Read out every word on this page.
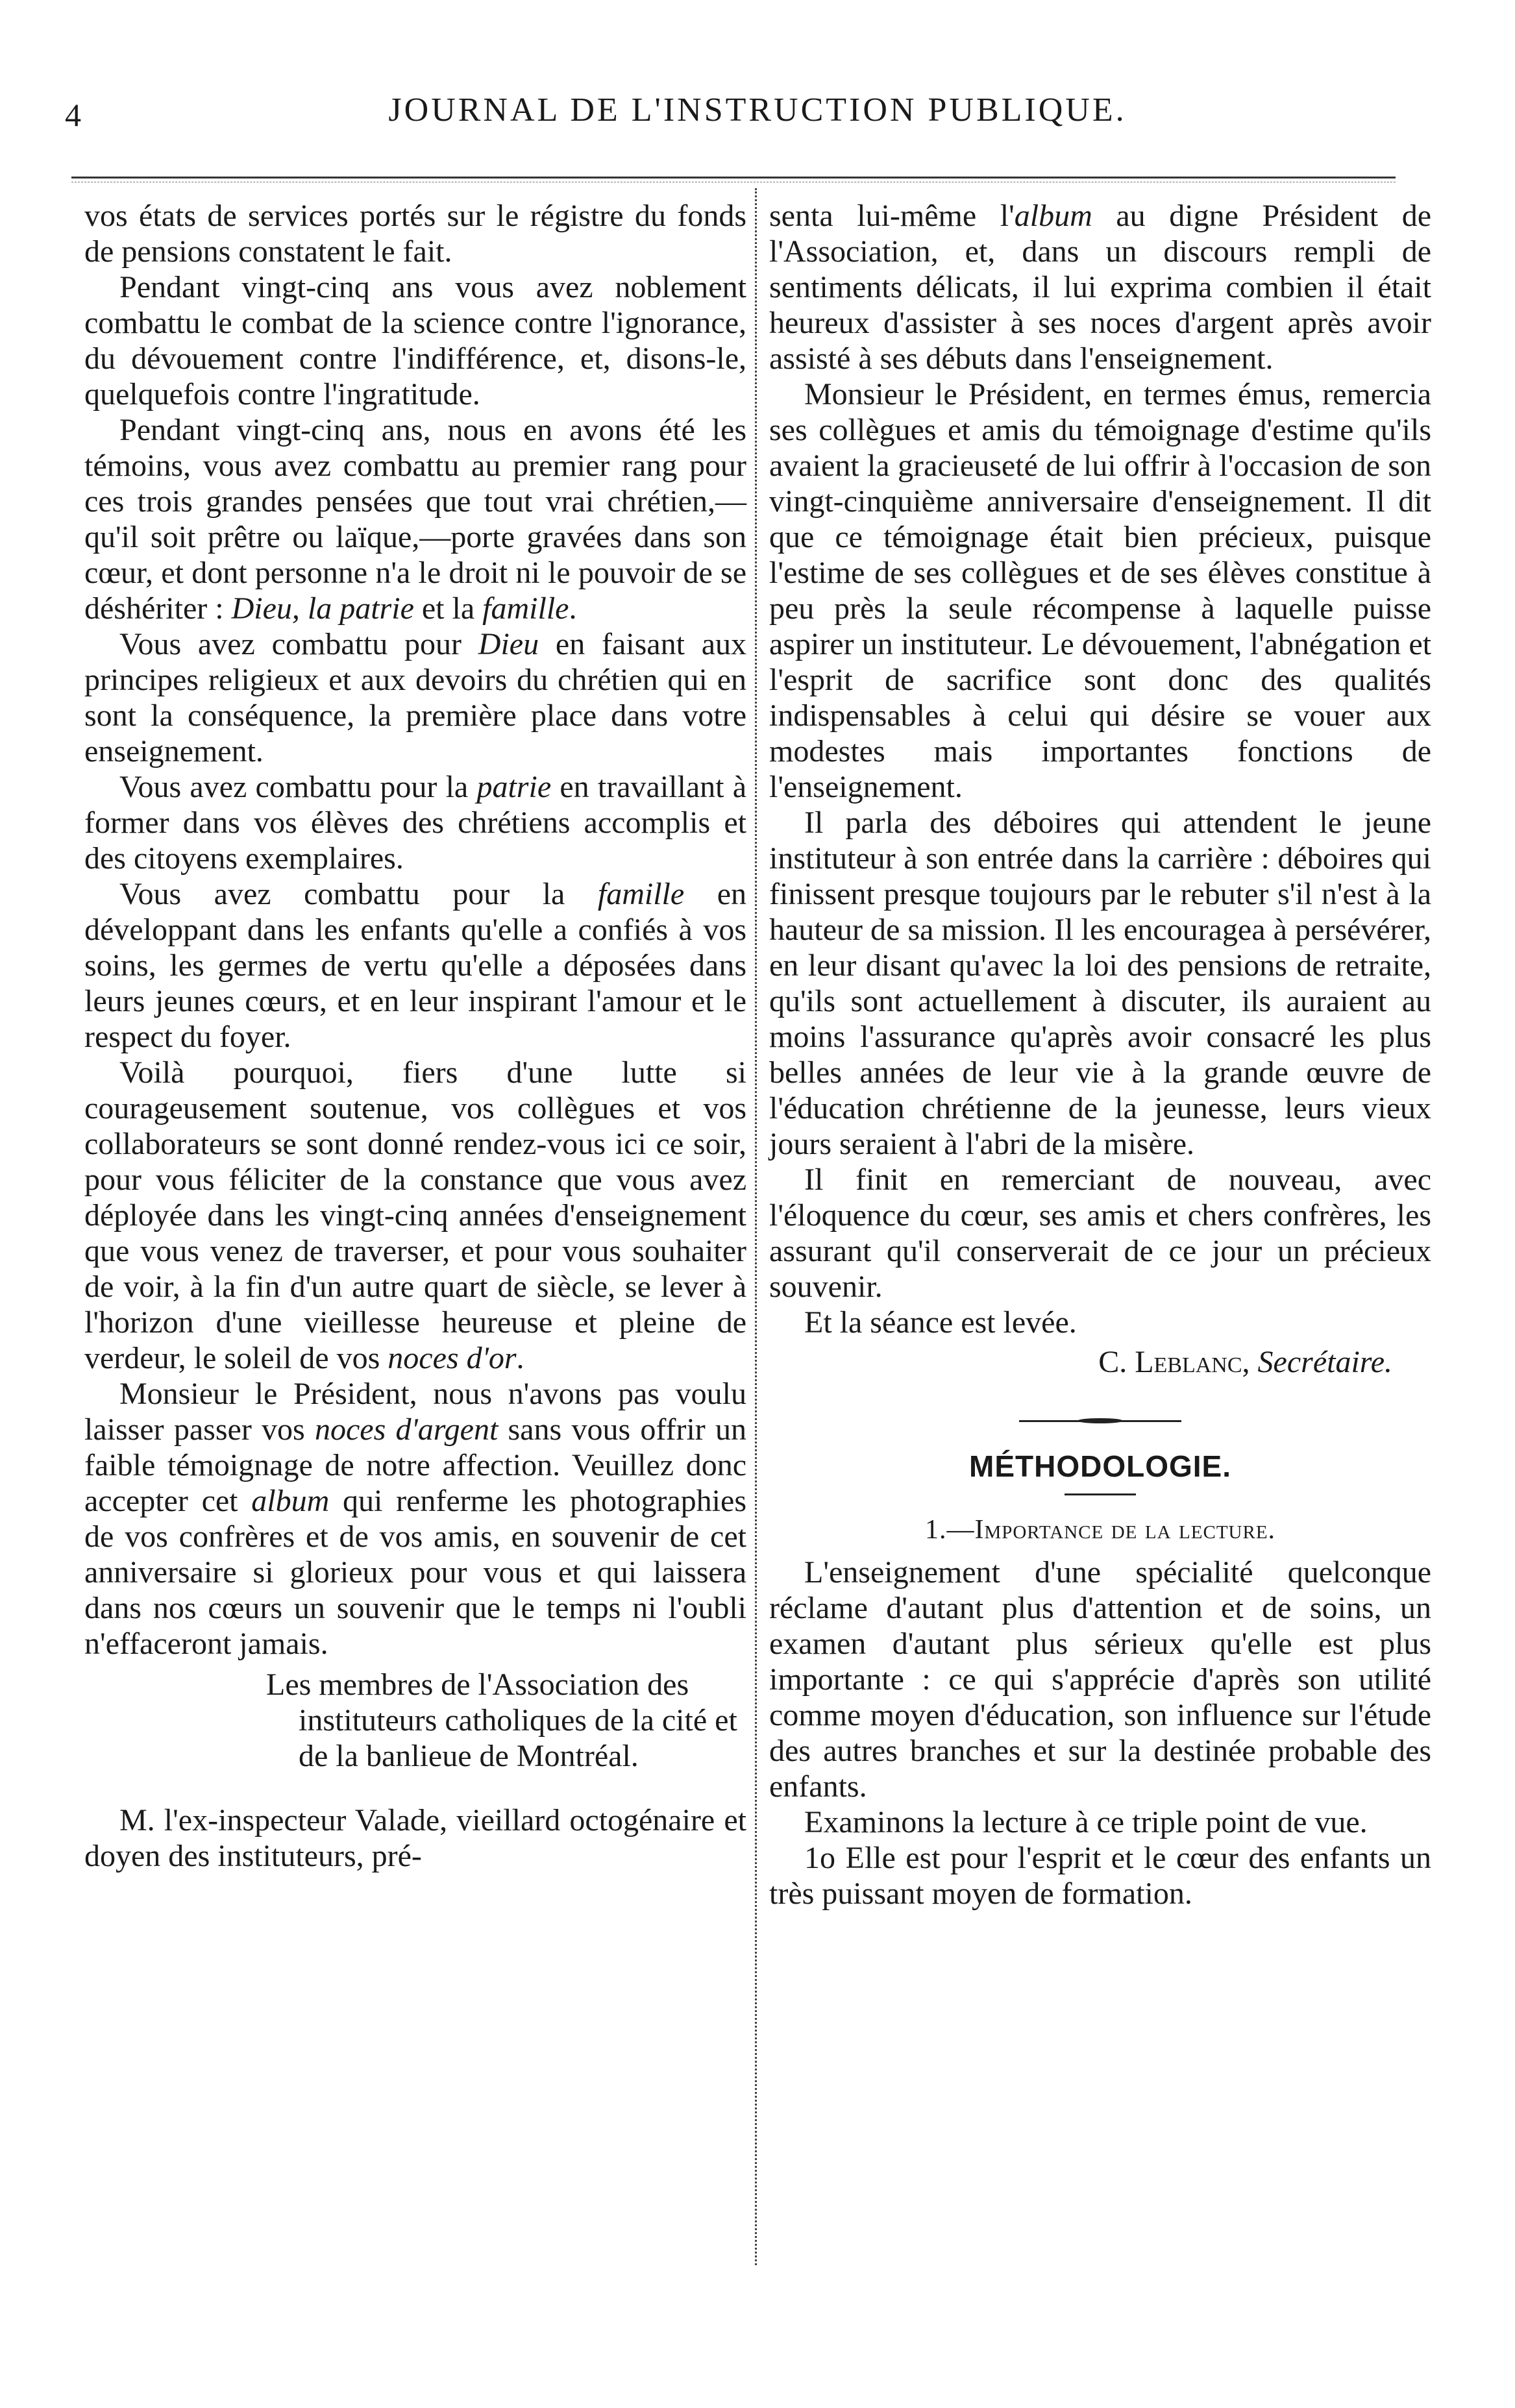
4	JOURNAL DE L'INSTRUCTION PUBLIQUE.

vos états de services portés sur le régistre du fonds de pensions constatent le fait.

Pendant vingt-cinq ans vous avez noblement combattu le combat de la science contre l'ignorance, du dévouement contre l'indifférence, et, disons-le, quelquefois contre l'ingratitude.

Pendant vingt-cinq ans, nous en avons été les témoins, vous avez combattu au premier rang pour ces trois grandes pensées que tout vrai chrétien,—qu'il soit prêtre ou laïque,—porte gravées dans son cœur, et dont personne n'a le droit ni le pouvoir de se déshériter : Dieu, la patrie et la famille.

Vous avez combattu pour Dieu en faisant aux principes religieux et aux devoirs du chrétien qui en sont la conséquence, la première place dans votre enseignement.

Vous avez combattu pour la patrie en travaillant à former dans vos élèves des chrétiens accomplis et des citoyens exemplaires.

Vous avez combattu pour la famille en développant dans les enfants qu'elle a confiés à vos soins, les germes de vertu qu'elle a déposées dans leurs jeunes cœurs, et en leur inspirant l'amour et le respect du foyer.

Voilà pourquoi, fiers d'une lutte si courageusement soutenue, vos collègues et vos collaborateurs se sont donné rendez-vous ici ce soir, pour vous féliciter de la constance que vous avez déployée dans les vingt-cinq années d'enseignement que vous venez de traverser, et pour vous souhaiter de voir, à la fin d'un autre quart de siècle, se lever à l'horizon d'une vieillesse heureuse et pleine de verdeur, le soleil de vos noces d'or.

Monsieur le Président, nous n'avons pas voulu laisser passer vos noces d'argent sans vous offrir un faible témoignage de notre affection. Veuillez donc accepter cet album qui renferme les photographies de vos confrères et de vos amis, en souvenir de cet anniversaire si glorieux pour vous et qui laissera dans nos cœurs un souvenir que le temps ni l'oubli n'effaceront jamais.

Les membres de l'Association des instituteurs catholiques de la cité et de la banlieue de Montréal.

M. l'ex-inspecteur Valade, vieillard octogénaire et doyen des instituteurs, pré-

senta lui-même l'album au digne Président de l'Association, et, dans un discours rempli de sentiments délicats, il lui exprima combien il était heureux d'assister à ses noces d'argent après avoir assisté à ses débuts dans l'enseignement.

Monsieur le Président, en termes émus, remercia ses collègues et amis du témoignage d'estime qu'ils avaient la gracieuseté de lui offrir à l'occasion de son vingt-cinquième anniversaire d'enseignement. Il dit que ce témoignage était bien précieux, puisque l'estime de ses collègues et de ses élèves constitue à peu près la seule récompense à laquelle puisse aspirer un instituteur. Le dévouement, l'abnégation et l'esprit de sacrifice sont donc des qualités indispensables à celui qui désire se vouer aux modestes mais importantes fonctions de l'enseignement.

Il parla des déboires qui attendent le jeune instituteur à son entrée dans la carrière : déboires qui finissent presque toujours par le rebuter s'il n'est à la hauteur de sa mission. Il les encouragea à persévérer, en leur disant qu'avec la loi des pensions de retraite, qu'ils sont actuellement à discuter, ils auraient au moins l'assurance qu'après avoir consacré les plus belles années de leur vie à la grande œuvre de l'éducation chrétienne de la jeunesse, leurs vieux jours seraient à l'abri de la misère.

Il finit en remerciant de nouveau, avec l'éloquence du cœur, ses amis et chers confrères, les assurant qu'il conserverait de ce jour un précieux souvenir.

Et la séance est levée.

C. Leblanc, Secrétaire.

MÉTHODOLOGIE.
1.—Importance de la lecture.

L'enseignement d'une spécialité quelconque réclame d'autant plus d'attention et de soins, un examen d'autant plus sérieux qu'elle est plus importante : ce qui s'apprécie d'après son utilité comme moyen d'éducation, son influence sur l'étude des autres branches et sur la destinée probable des enfants.

Examinons la lecture à ce triple point de vue.

1o Elle est pour l'esprit et le cœur des enfants un très puissant moyen de formation.
